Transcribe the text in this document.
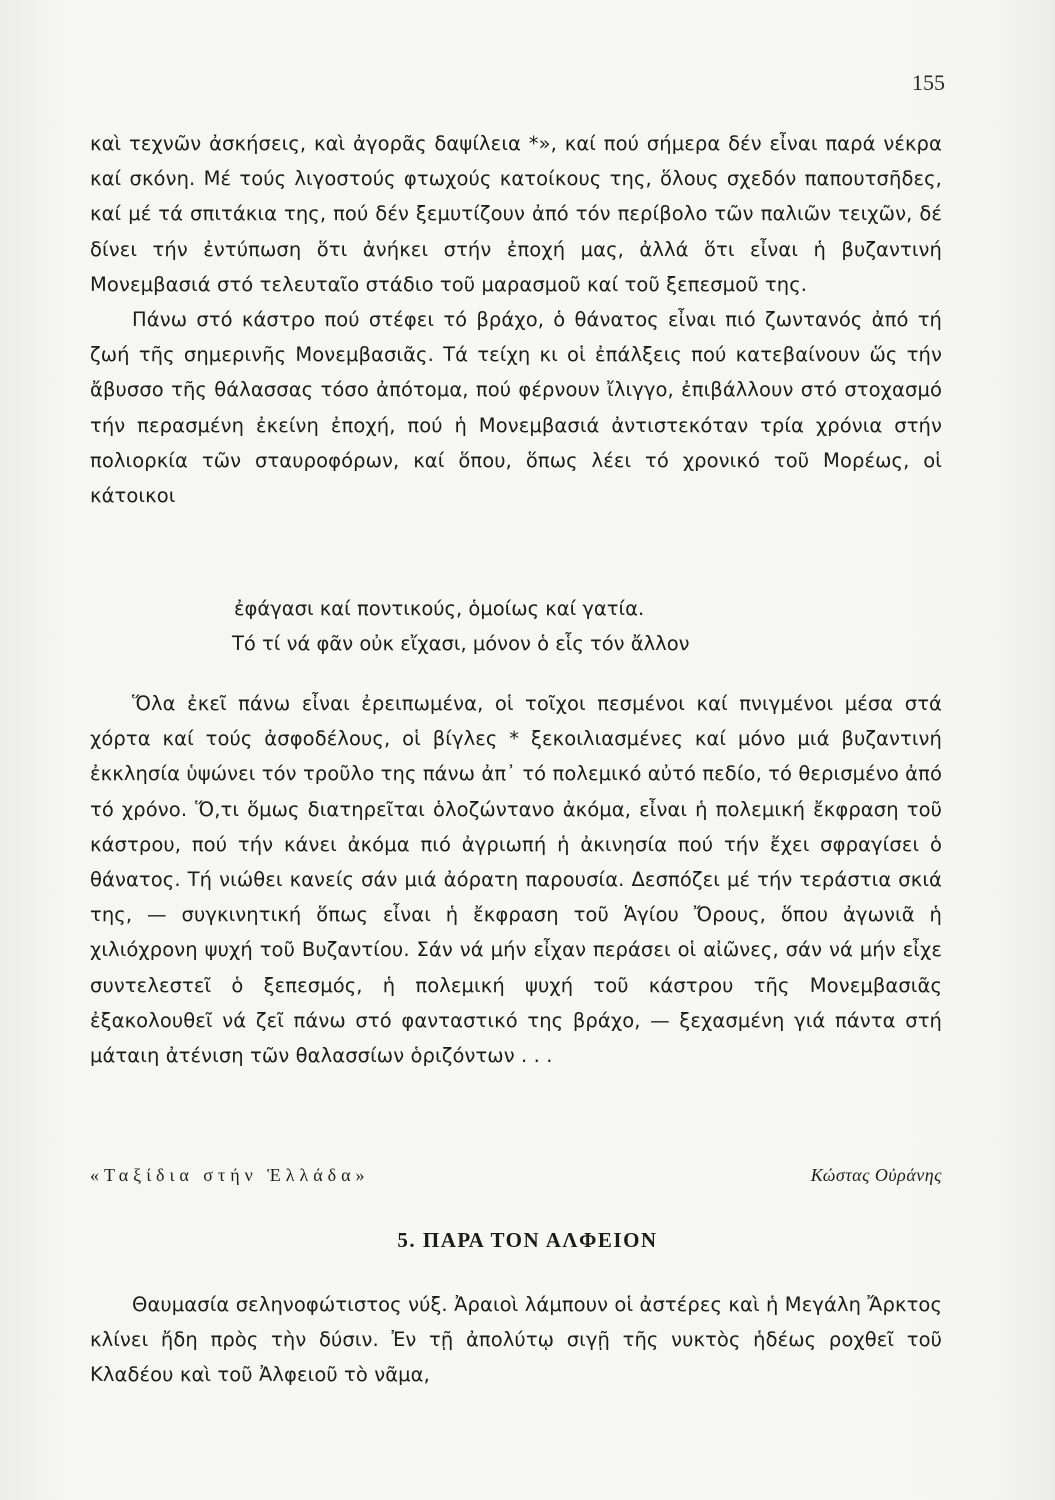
155

καὶ τεχνῶν ἀσκήσεις, καὶ ἀγορᾶς δαψίλεια *», καί πού σήμερα δέν εἶναι παρά νέκρα καί σκόνη. Μέ τούς λιγοστούς φτωχούς κατοίκους της, ὅλους σχεδόν παπουτσῆδες, καί μέ τά σπιτάκια της, πού δέν ξεμυτίζουν ἀπό τόν περίβολο τῶν παλιῶν τειχῶν, δέ δίνει τήν ἐντύπωση ὅτι ἀνήκει στήν ἐποχή μας, ἀλλά ὅτι εἶναι ἡ βυζαντινή Μονεμβασιά στό τελευταῖο στάδιο τοῦ μαρασμοῦ καί τοῦ ξεπεσμοῦ της.

Πάνω στό κάστρο πού στέφει τό βράχο, ὁ θάνατος εἶναι πιό ζωντανός ἀπό τή ζωή τῆς σημερινῆς Μονεμβασιᾶς. Τά τείχη κι οἱ ἐπάλξεις πού κατεβαίνουν ὥς τήν ἄβυσσο τῆς θάλασσας τόσο ἀπότομα, πού φέρνουν ἴλιγγο, ἐπιβάλλουν στό στοχασμό τήν περασμένη ἐκείνη ἐποχή, πού ἡ Μονεμβασιά ἀντιστεκόταν τρία χρόνια στήν πολιορκία τῶν σταυροφόρων, καί ὅπου, ὅπως λέει τό χρονικό τοῦ Μορέως, οἱ κάτοικοι

ἐφάγασι καί ποντικούς, ὁμοίως καί γατία.
Τό τί νά φᾶν οὐκ εἴχασι, μόνον ὁ εἷς τόν ἄλλον

Ὅλα ἐκεῖ πάνω εἶναι ἐρειπωμένα, οἱ τοῖχοι πεσμένοι καί πνιγμένοι μέσα στά χόρτα καί τούς ἀσφοδέλους, οἱ βίγλες * ξεκοιλιασμένες καί μόνο μιά βυζαντινή ἐκκλησία ὑψώνει τόν τροῦλο της πάνω ἀπ᾽ τό πολεμικό αὐτό πεδίο, τό θερισμένο ἀπό τό χρόνο. Ὅ,τι ὅμως διατηρεῖται ὁλοζώντανο ἀκόμα, εἶναι ἡ πολεμική ἔκφραση τοῦ κάστρου, πού τήν κάνει ἀκόμα πιό ἀγριωπή ἡ ἀκινησία πού τήν ἔχει σφραγίσει ὁ θάνατος. Τή νιώθει κανείς σάν μιά ἀόρατη παρουσία. Δεσπόζει μέ τήν τεράστια σκιά της, — συγκινητική ὅπως εἶναι ἡ ἔκφραση τοῦ Ἁγίου Ὄρους, ὅπου ἀγωνιᾶ ἡ χιλιόχρονη ψυχή τοῦ Βυζαντίου. Σάν νά μήν εἶχαν περάσει οἱ αἰῶνες, σάν νά μήν εἶχε συντελεστεῖ ὁ ξεπεσμός, ἡ πολεμική ψυχή τοῦ κάστρου τῆς Μονεμβασιᾶς ἐξακολουθεῖ νά ζεῖ πάνω στό φανταστικό της βράχο, — ξεχασμένη γιά πάντα στή μάταιη ἀτένιση τῶν θαλασσίων ὁριζόντων . . .

«Ταξίδια στήν Ἑλλάδα»	Κώστας Οὐράνης
5. ΠΑΡΑ ΤΟΝ ΑΛΦΕΙΟΝ

Θαυμασία σεληνοφώτιστος νύξ. Ἀραιοὶ λάμπουν οἱ ἀστέρες καὶ ἡ Μεγάλη Ἄρκτος κλίνει ἤδη πρὸς τὴν δύσιν. Ἐν τῇ ἀπολύτῳ σιγῇ τῆς νυκτὸς ἡδέως ροχθεῖ τοῦ Κλαδέου καὶ τοῦ Ἀλφειοῦ τὸ νᾶμα,
